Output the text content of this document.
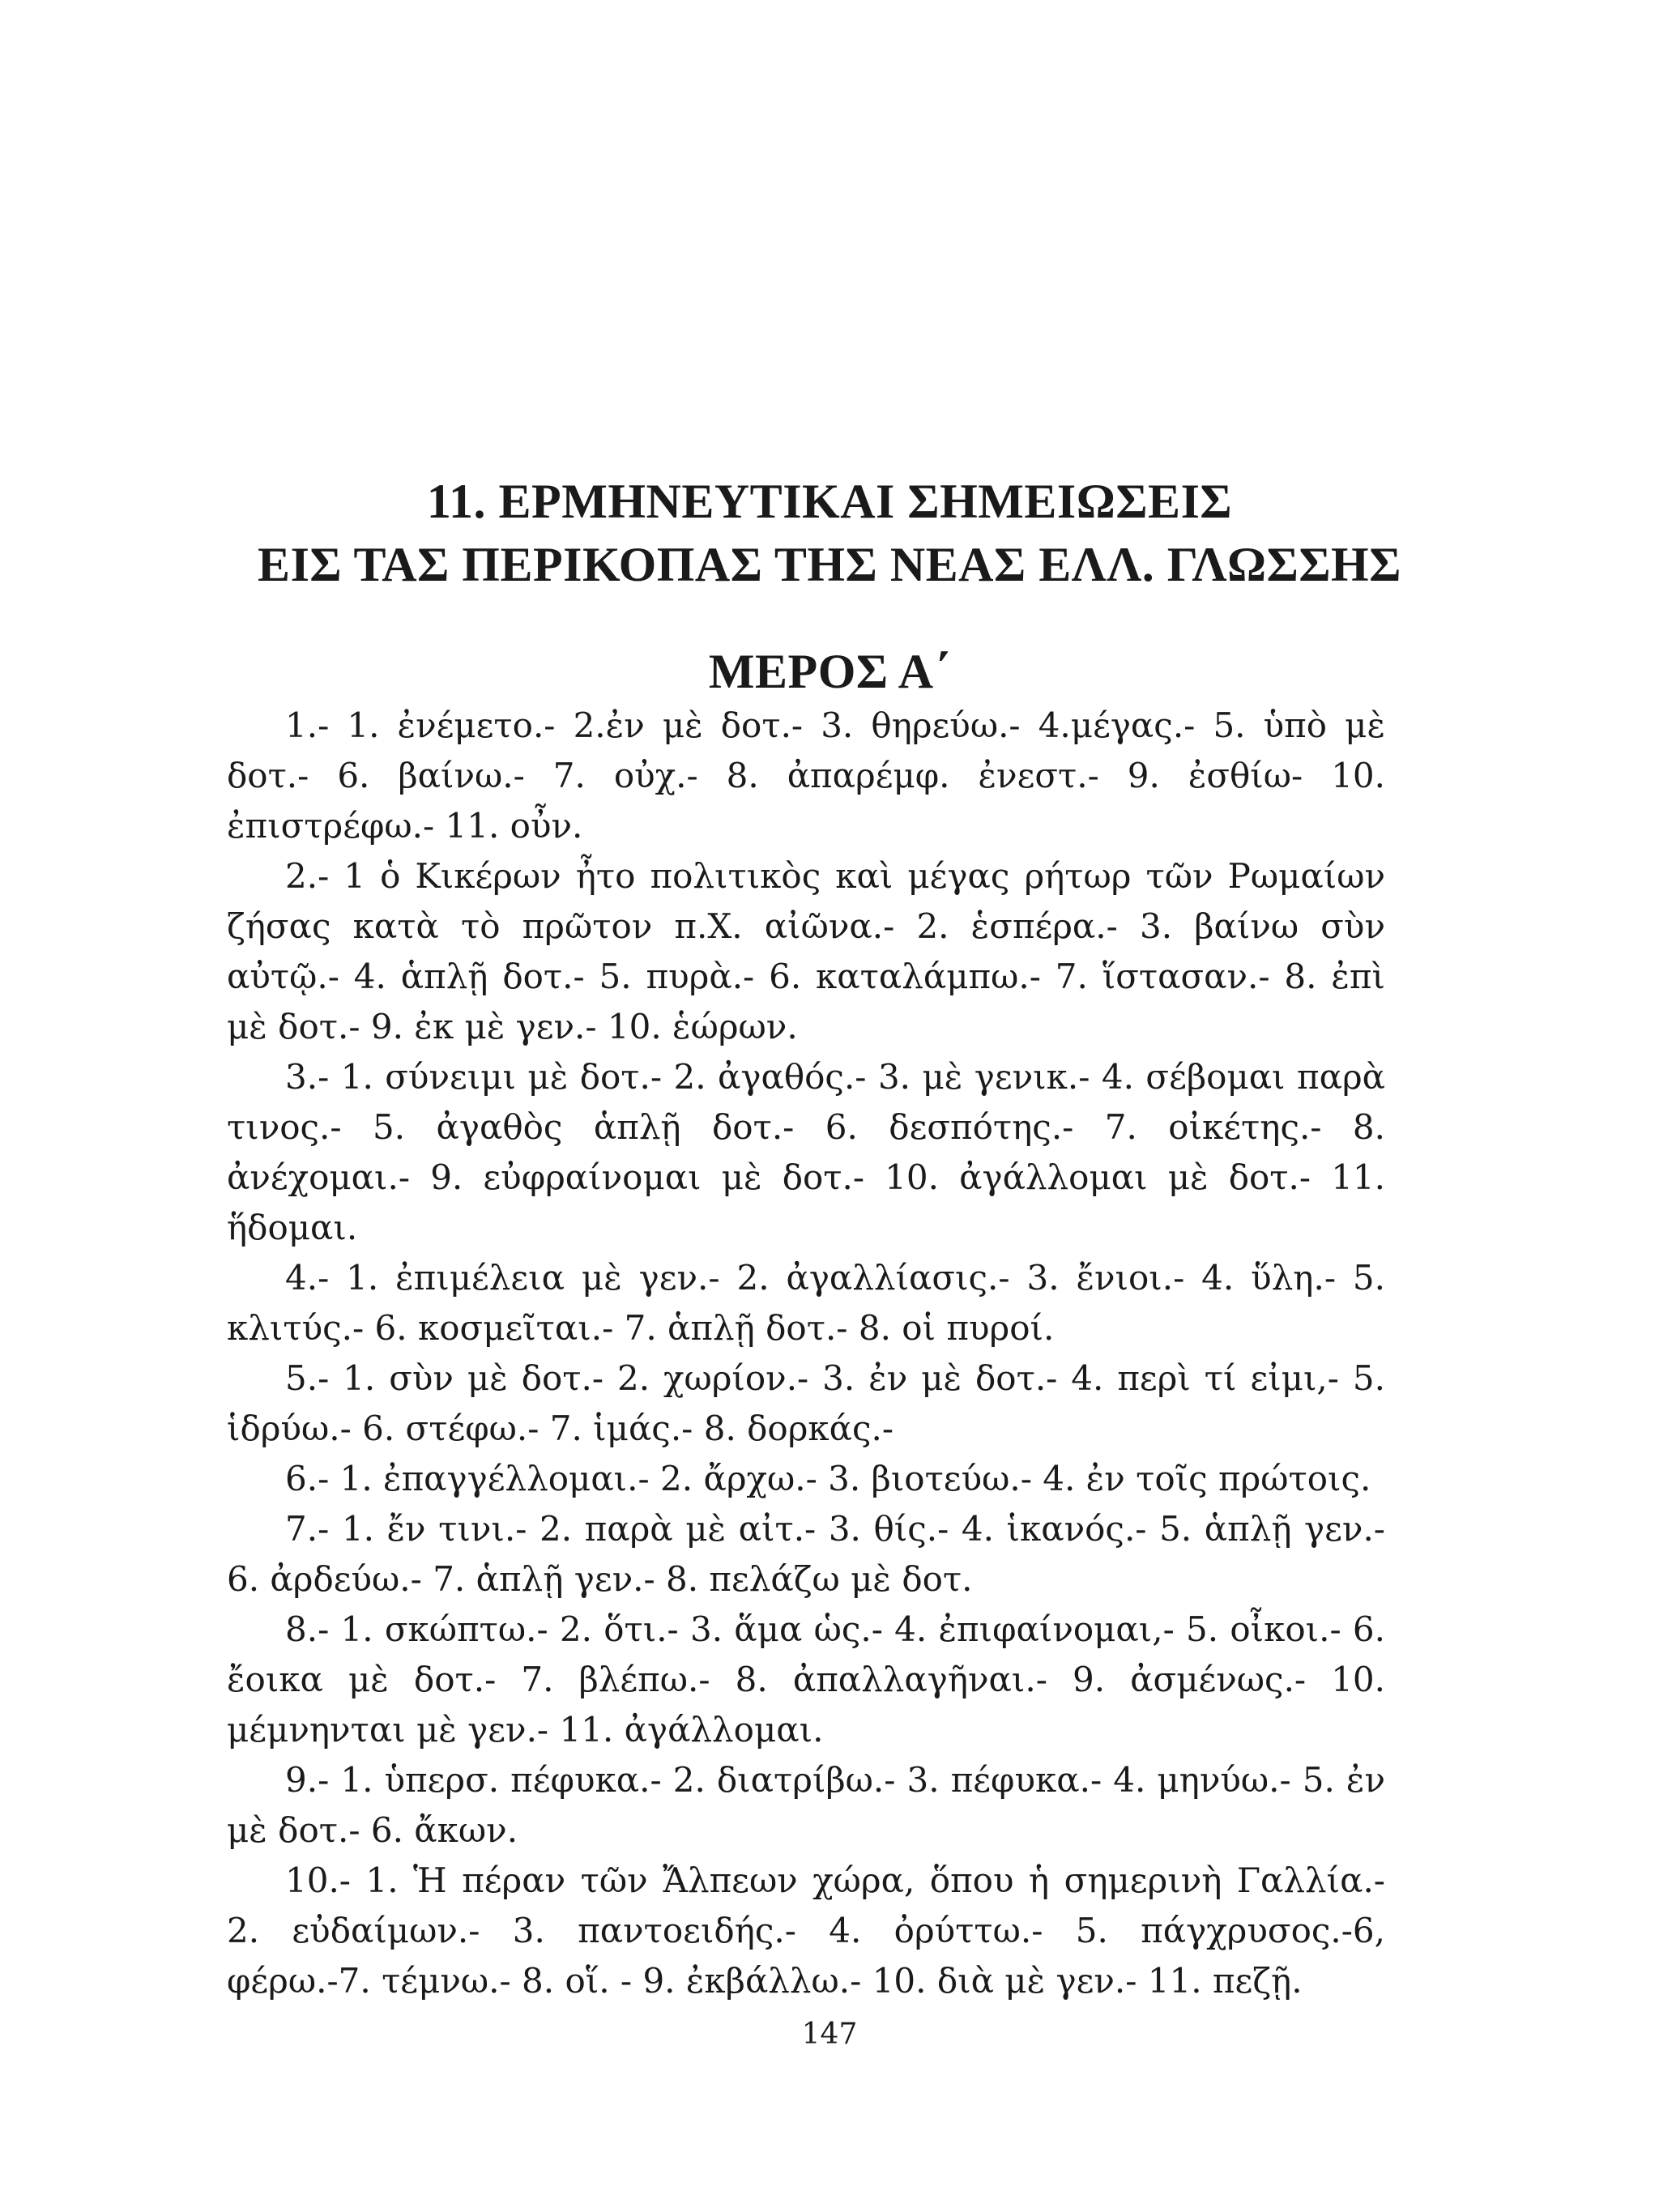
11. ΕΡΜΗΝΕΥΤΙΚΑΙ ΣΗΜΕΙΩΣΕΙΣ
ΕΙΣ ΤΑΣ ΠΕΡΙΚΟΠΑΣ ΤΗΣ ΝΕΑΣ ΕΛΛ. ΓΛΩΣΣΗΣ
ΜΕΡΟΣ Α΄

1.- 1. ἐνέμετο.- 2.ἐν μὲ δοτ.- 3. θηρεύω.- 4.μέγας.- 5. ὑπὸ μὲ δοτ.- 6. βαίνω.- 7. οὐχ.- 8. ἀπαρέμφ. ἐνεστ.- 9. ἐσθίω- 10. ἐπιστρέφω.- 11. οὖν.

2.- 1 ὁ Κικέρων ἦτο πολιτικὸς καὶ μέγας ρήτωρ τῶν Ρωμαίων ζήσας κατὰ τὸ πρῶτον π.Χ. αἰῶνα.- 2. ἑσπέρα.- 3. βαίνω σὺν αὐτῷ.- 4. ἁπλῇ δοτ.- 5. πυρὰ.- 6. καταλάμπω.- 7. ἵστασαν.- 8. ἐπὶ μὲ δοτ.- 9. ἐκ μὲ γεν.- 10. ἑώρων.

3.- 1. σύνειμι μὲ δοτ.- 2. ἀγαθός.- 3. μὲ γενικ.- 4. σέβομαι παρὰ τινος.- 5. ἀγαθὸς ἁπλῇ δοτ.- 6. δεσπότης.- 7. οἰκέτης.- 8. ἀνέχομαι.- 9. εὐφραίνομαι μὲ δοτ.- 10. ἀγάλλομαι μὲ δοτ.- 11. ἥδομαι.

4.- 1. ἐπιμέλεια μὲ γεν.- 2. ἀγαλλίασις.- 3. ἔνιοι.- 4. ὕλη.- 5. κλιτύς.- 6. κοσμεῖται.- 7. ἁπλῇ δοτ.- 8. οἱ πυροί.

5.- 1. σὺν μὲ δοτ.- 2. χωρίον.- 3. ἐν μὲ δοτ.- 4. περὶ τί εἰμι,- 5. ἱδρύω.- 6. στέφω.- 7. ἱμάς.- 8. δορκάς.-

6.- 1. ἐπαγγέλλομαι.- 2. ἄρχω.- 3. βιοτεύω.- 4. ἐν τοῖς πρώτοις.

7.- 1. ἔν τινι.- 2. παρὰ μὲ αἰτ.- 3. θίς.- 4. ἱκανός.- 5. ἁπλῇ γεν.- 6. ἀρδεύω.- 7. ἁπλῇ γεν.- 8. πελάζω μὲ δοτ.

8.- 1. σκώπτω.- 2. ὅτι.- 3. ἅμα ὡς.- 4. ἐπιφαίνομαι,- 5. οἶκοι.- 6. ἔοικα μὲ δοτ.- 7. βλέπω.- 8. ἀπαλλαγῆναι.- 9. ἀσμένως.- 10. μέμνηνται μὲ γεν.- 11. ἀγάλλομαι.

9.- 1. ὑπερσ. πέφυκα.- 2. διατρίβω.- 3. πέφυκα.- 4. μηνύω.- 5. ἐν μὲ δοτ.- 6. ἄκων.

10.- 1. Ἡ πέραν τῶν Ἄλπεων χώρα, ὅπου ἡ σημερινὴ Γαλλία.- 2. εὐδαίμων.- 3. παντοειδής.- 4. ὀρύττω.- 5. πάγχρυσος.-6, φέρω.-7. τέμνω.- 8. οἵ. - 9. ἐκβάλλω.- 10. διὰ μὲ γεν.- 11. πεζῇ.

147
